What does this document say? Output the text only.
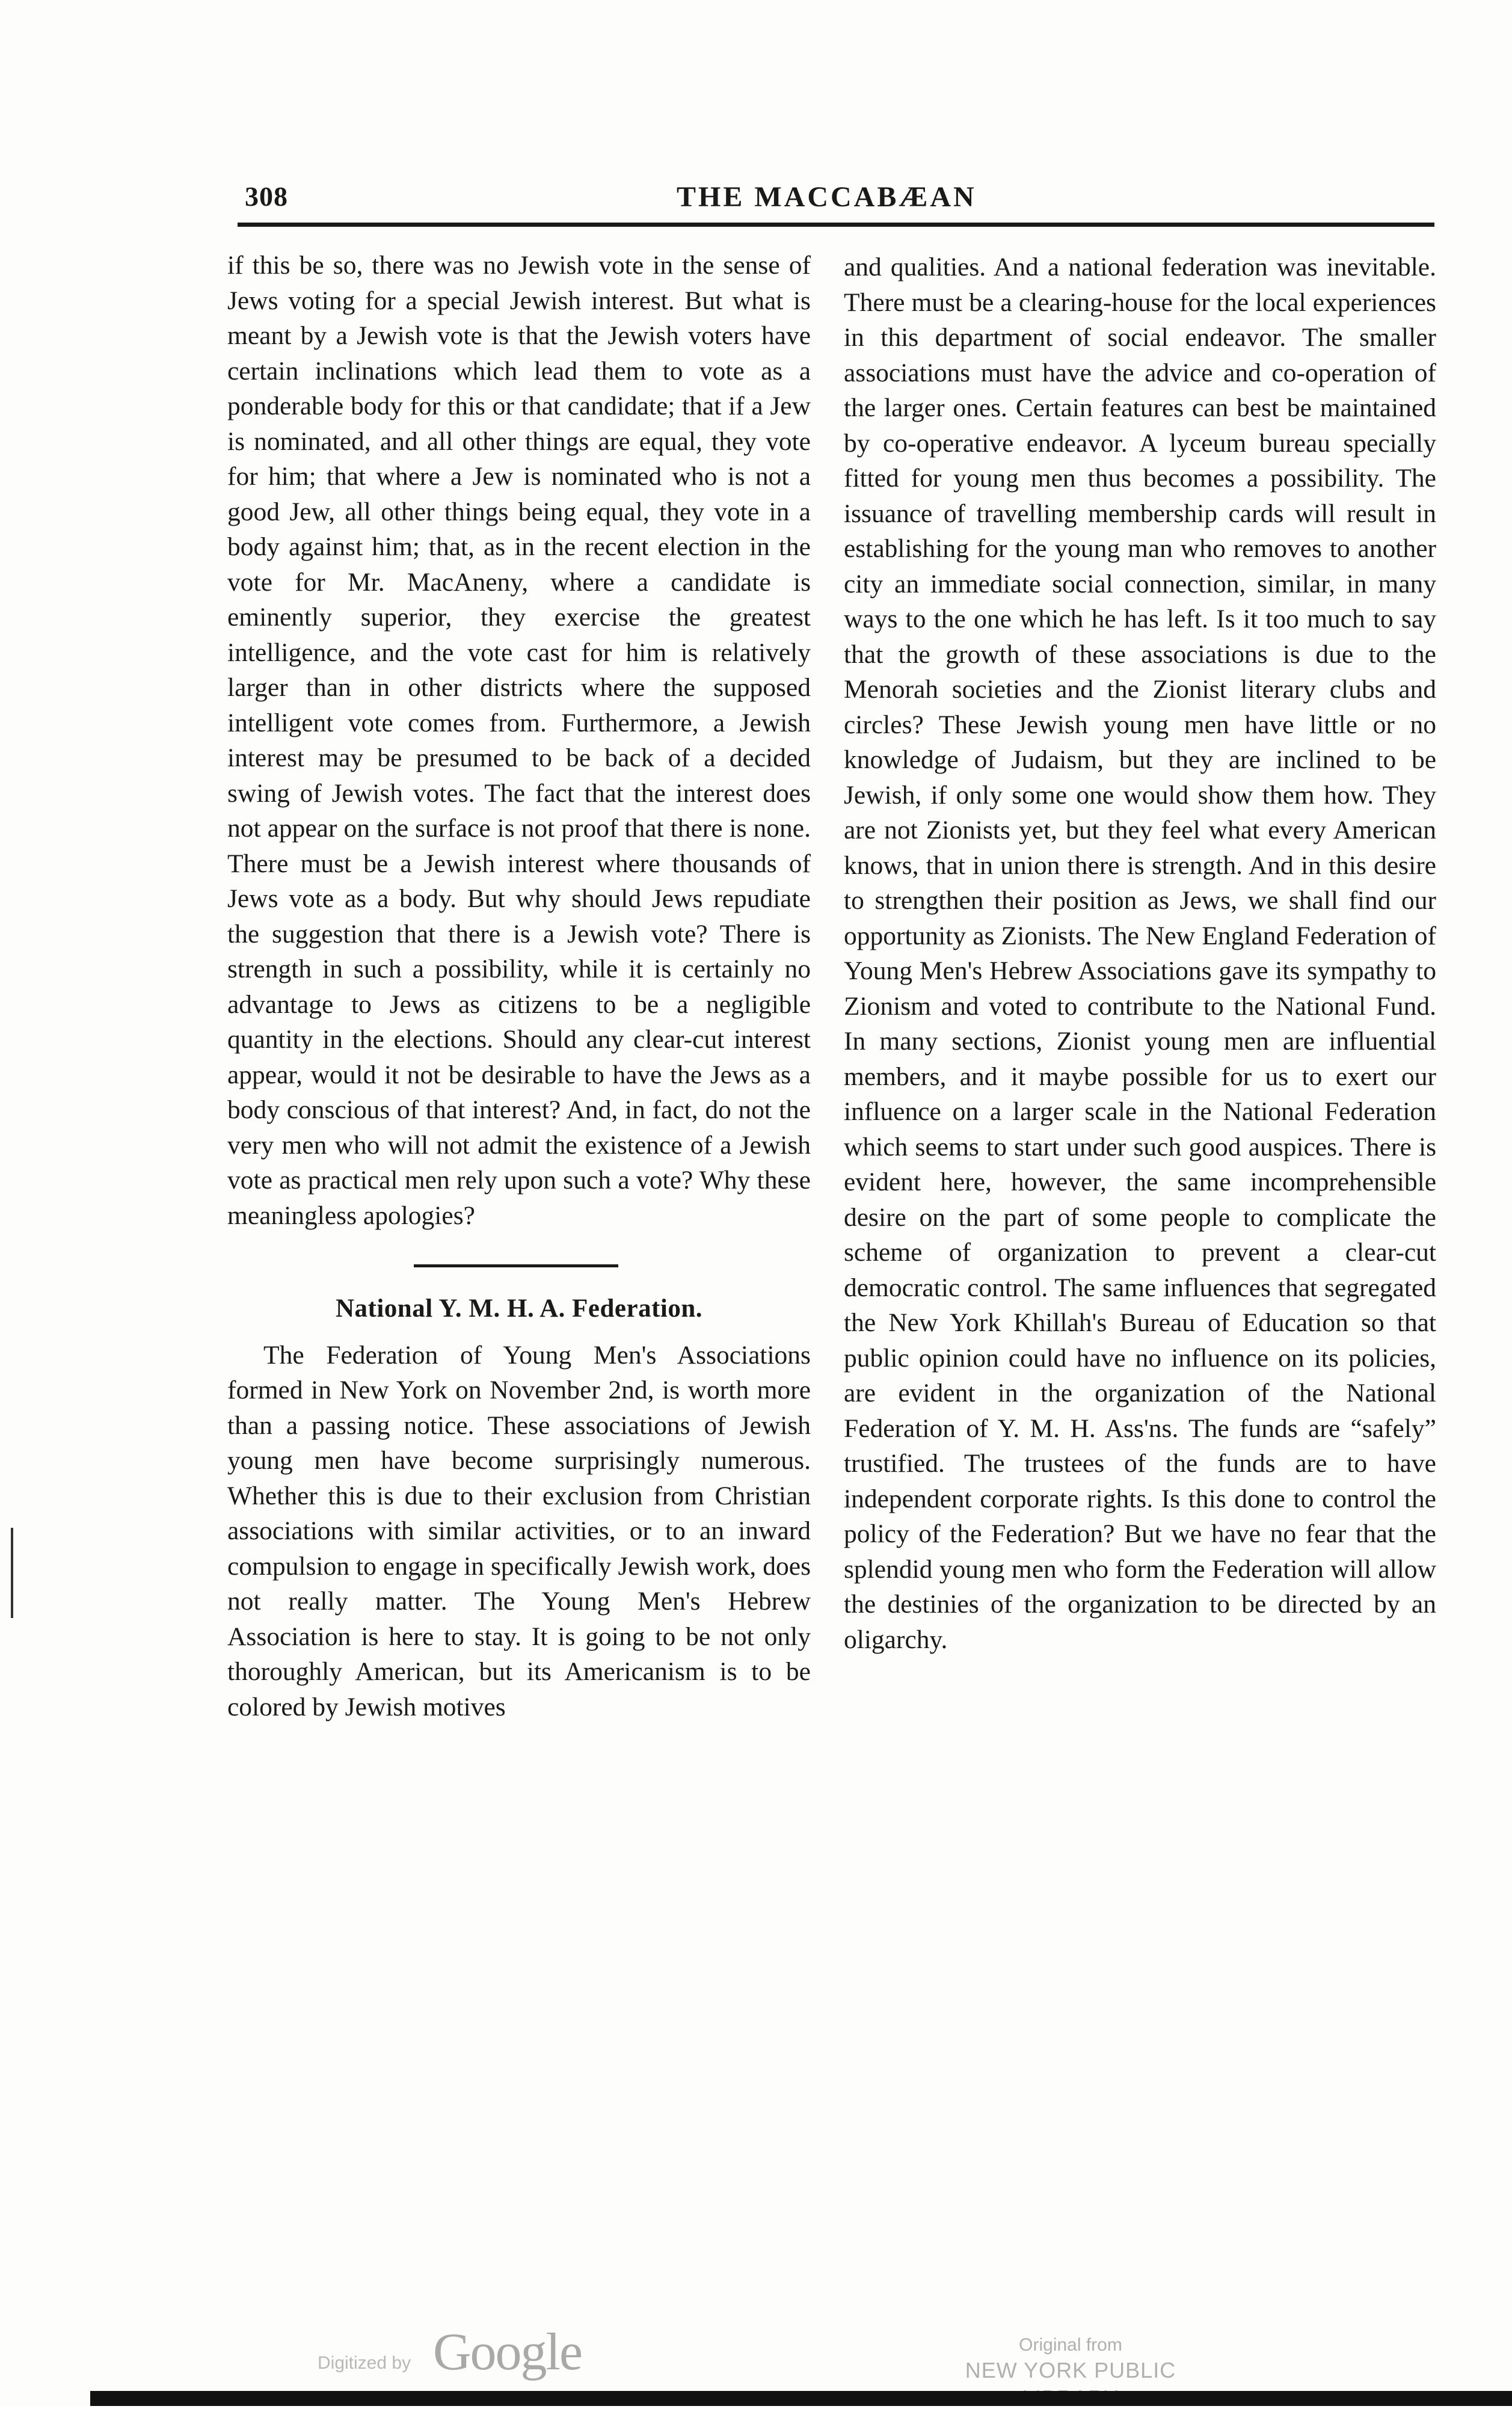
308	THE MACCABÆAN

if this be so, there was no Jewish vote in the sense of Jews voting for a special Jewish interest. But what is meant by a Jewish vote is that the Jewish voters have certain inclinations which lead them to vote as a ponderable body for this or that candidate; that if a Jew is nominated, and all other things are equal, they vote for him; that where a Jew is nominated who is not a good Jew, all other things being equal, they vote in a body against him; that, as in the recent election in the vote for Mr. MacAneny, where a candidate is eminently superior, they exercise the greatest intelligence, and the vote cast for him is relatively larger than in other districts where the supposed intelligent vote comes from. Furthermore, a Jewish interest may be presumed to be back of a decided swing of Jewish votes. The fact that the interest does not appear on the surface is not proof that there is none. There must be a Jewish interest where thousands of Jews vote as a body. But why should Jews repudiate the suggestion that there is a Jewish vote? There is strength in such a possibility, while it is certainly no advantage to Jews as citizens to be a negligible quantity in the elections. Should any clear-cut interest appear, would it not be desirable to have the Jews as a body conscious of that interest? And, in fact, do not the very men who will not admit the existence of a Jewish vote as practical men rely upon such a vote? Why these meaningless apologies?

National Y. M. H. A. Federation.

The Federation of Young Men's Associations formed in New York on November 2nd, is worth more than a passing notice. These associations of Jewish young men have become surprisingly numerous. Whether this is due to their exclusion from Christian associations with similar activities, or to an inward compulsion to engage in specifically Jewish work, does not really matter. The Young Men's Hebrew Association is here to stay. It is going to be not only thoroughly American, but its Americanism is to be colored by Jewish motives

and qualities. And a national federation was inevitable. There must be a clearing-house for the local experiences in this department of social endeavor. The smaller associations must have the advice and co-operation of the larger ones. Certain features can best be maintained by co-operative endeavor. A lyceum bureau specially fitted for young men thus becomes a possibility. The issuance of travelling membership cards will result in establishing for the young man who removes to another city an immediate social connection, similar, in many ways to the one which he has left. Is it too much to say that the growth of these associations is due to the Menorah societies and the Zionist literary clubs and circles? These Jewish young men have little or no knowledge of Judaism, but they are inclined to be Jewish, if only some one would show them how. They are not Zionists yet, but they feel what every American knows, that in union there is strength. And in this desire to strengthen their position as Jews, we shall find our opportunity as Zionists. The New England Federation of Young Men's Hebrew Associations gave its sympathy to Zionism and voted to contribute to the National Fund. In many sections, Zionist young men are influential members, and it maybe possible for us to exert our influence on a larger scale in the National Federation which seems to start under such good auspices. There is evident here, however, the same incomprehensible desire on the part of some people to complicate the scheme of organization to prevent a clear-cut democratic control. The same influences that segregated the New York Khillah's Bureau of Education so that public opinion could have no influence on its policies, are evident in the organization of the National Federation of Y. M. H. Ass'ns. The funds are “safely” trustified. The trustees of the funds are to have independent corporate rights. Is this done to control the policy of the Federation? But we have no fear that the splendid young men who form the Federation will allow the destinies of the organization to be directed by an oligarchy.

Digitized by Google	Original from
NEW YORK PUBLIC
